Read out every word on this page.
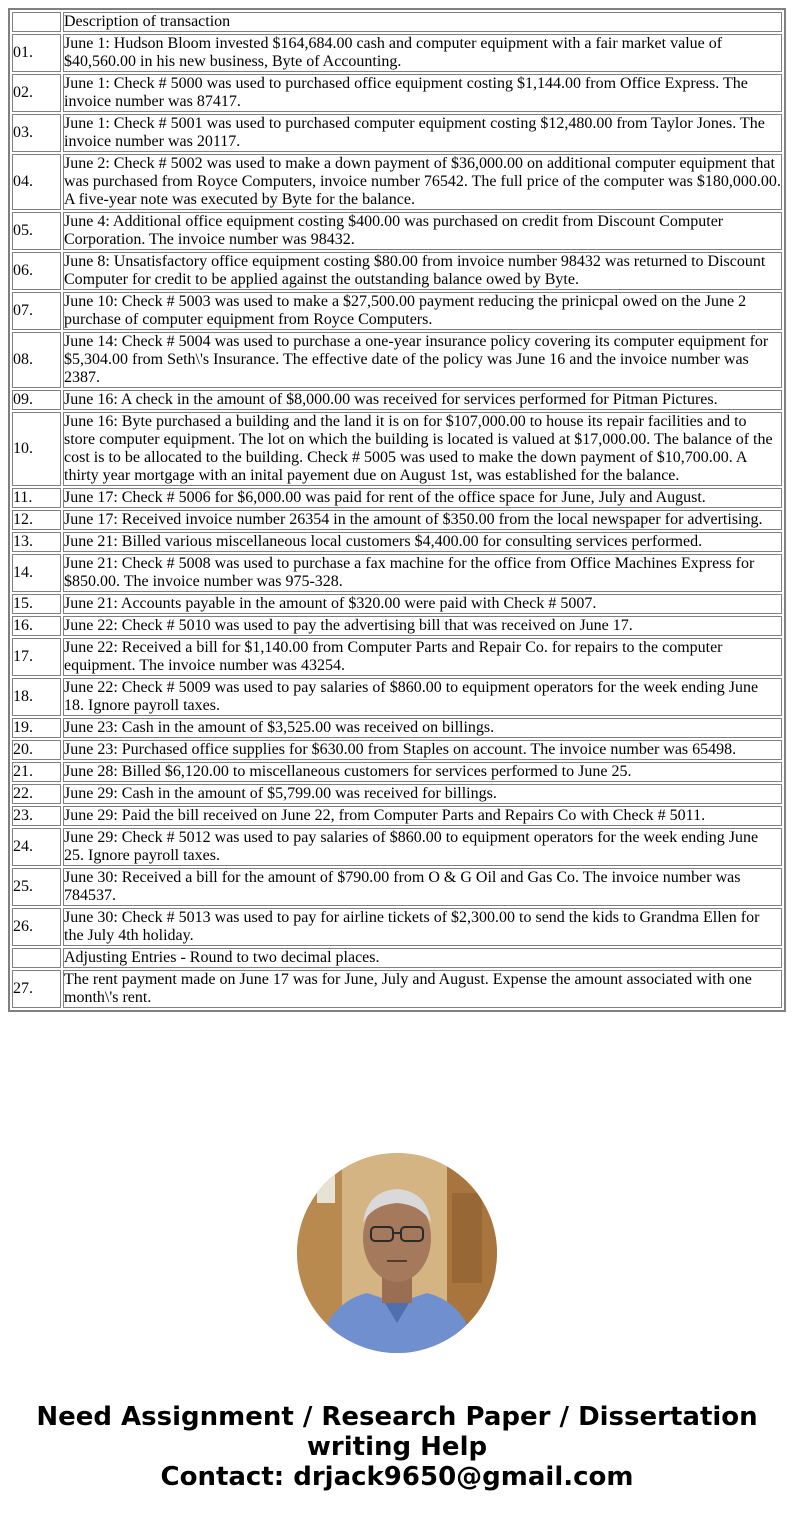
	Description of transaction
01.	June 1: Hudson Bloom invested $164,684.00 cash and computer equipment with a fair market value of $40,560.00 in his new business, Byte of Accounting.
02.	June 1: Check # 5000 was used to purchased office equipment costing $1,144.00 from Office Express. The invoice number was 87417.
03.	June 1: Check # 5001 was used to purchased computer equipment costing $12,480.00 from Taylor Jones. The invoice number was 20117.
04.	June 2: Check # 5002 was used to make a down payment of $36,000.00 on additional computer equipment that was purchased from Royce Computers, invoice number 76542. The full price of the computer was $180,000.00. A five-year note was executed by Byte for the balance.
05.	June 4: Additional office equipment costing $400.00 was purchased on credit from Discount Computer Corporation. The invoice number was 98432.
06.	June 8: Unsatisfactory office equipment costing $80.00 from invoice number 98432 was returned to Discount Computer for credit to be applied against the outstanding balance owed by Byte.
07.	June 10: Check # 5003 was used to make a $27,500.00 payment reducing the prinicpal owed on the June 2 purchase of computer equipment from Royce Computers.
08.	June 14: Check # 5004 was used to purchase a one-year insurance policy covering its computer equipment for $5,304.00 from Seth\'s Insurance. The effective date of the policy was June 16 and the invoice number was 2387.
09.	June 16: A check in the amount of $8,000.00 was received for services performed for Pitman Pictures.
10.	June 16: Byte purchased a building and the land it is on for $107,000.00 to house its repair facilities and to store computer equipment. The lot on which the building is located is valued at $17,000.00. The balance of the cost is to be allocated to the building. Check # 5005 was used to make the down payment of $10,700.00. A thirty year mortgage with an inital payement due on August 1st, was established for the balance.
11.	June 17: Check # 5006 for $6,000.00 was paid for rent of the office space for June, July and August.
12.	June 17: Received invoice number 26354 in the amount of $350.00 from the local newspaper for advertising.
13.	June 21: Billed various miscellaneous local customers $4,400.00 for consulting services performed.
14.	June 21: Check # 5008 was used to purchase a fax machine for the office from Office Machines Express for $850.00. The invoice number was 975-328.
15.	June 21: Accounts payable in the amount of $320.00 were paid with Check # 5007.
16.	June 22: Check # 5010 was used to pay the advertising bill that was received on June 17.
17.	June 22: Received a bill for $1,140.00 from Computer Parts and Repair Co. for repairs to the computer equipment. The invoice number was 43254.
18.	June 22: Check # 5009 was used to pay salaries of $860.00 to equipment operators for the week ending June 18. Ignore payroll taxes.
19.	June 23: Cash in the amount of $3,525.00 was received on billings.
20.	June 23: Purchased office supplies for $630.00 from Staples on account. The invoice number was 65498.
21.	June 28: Billed $6,120.00 to miscellaneous customers for services performed to June 25.
22.	June 29: Cash in the amount of $5,799.00 was received for billings.
23.	June 29: Paid the bill received on June 22, from Computer Parts and Repairs Co with Check # 5011.
24.	June 29: Check # 5012 was used to pay salaries of $860.00 to equipment operators for the week ending June 25. Ignore payroll taxes.
25.	June 30: Received a bill for the amount of $790.00 from O & G Oil and Gas Co. The invoice number was 784537.
26.	June 30: Check # 5013 was used to pay for airline tickets of $2,300.00 to send the kids to Grandma Ellen for the July 4th holiday.
	Adjusting Entries - Round to two decimal places.
27.	The rent payment made on June 17 was for June, July and August. Expense the amount associated with one month\'s rent.
Need Assignment / Research Paper / Dissertation
writing Help
Contact: drjack9650@gmail.com
